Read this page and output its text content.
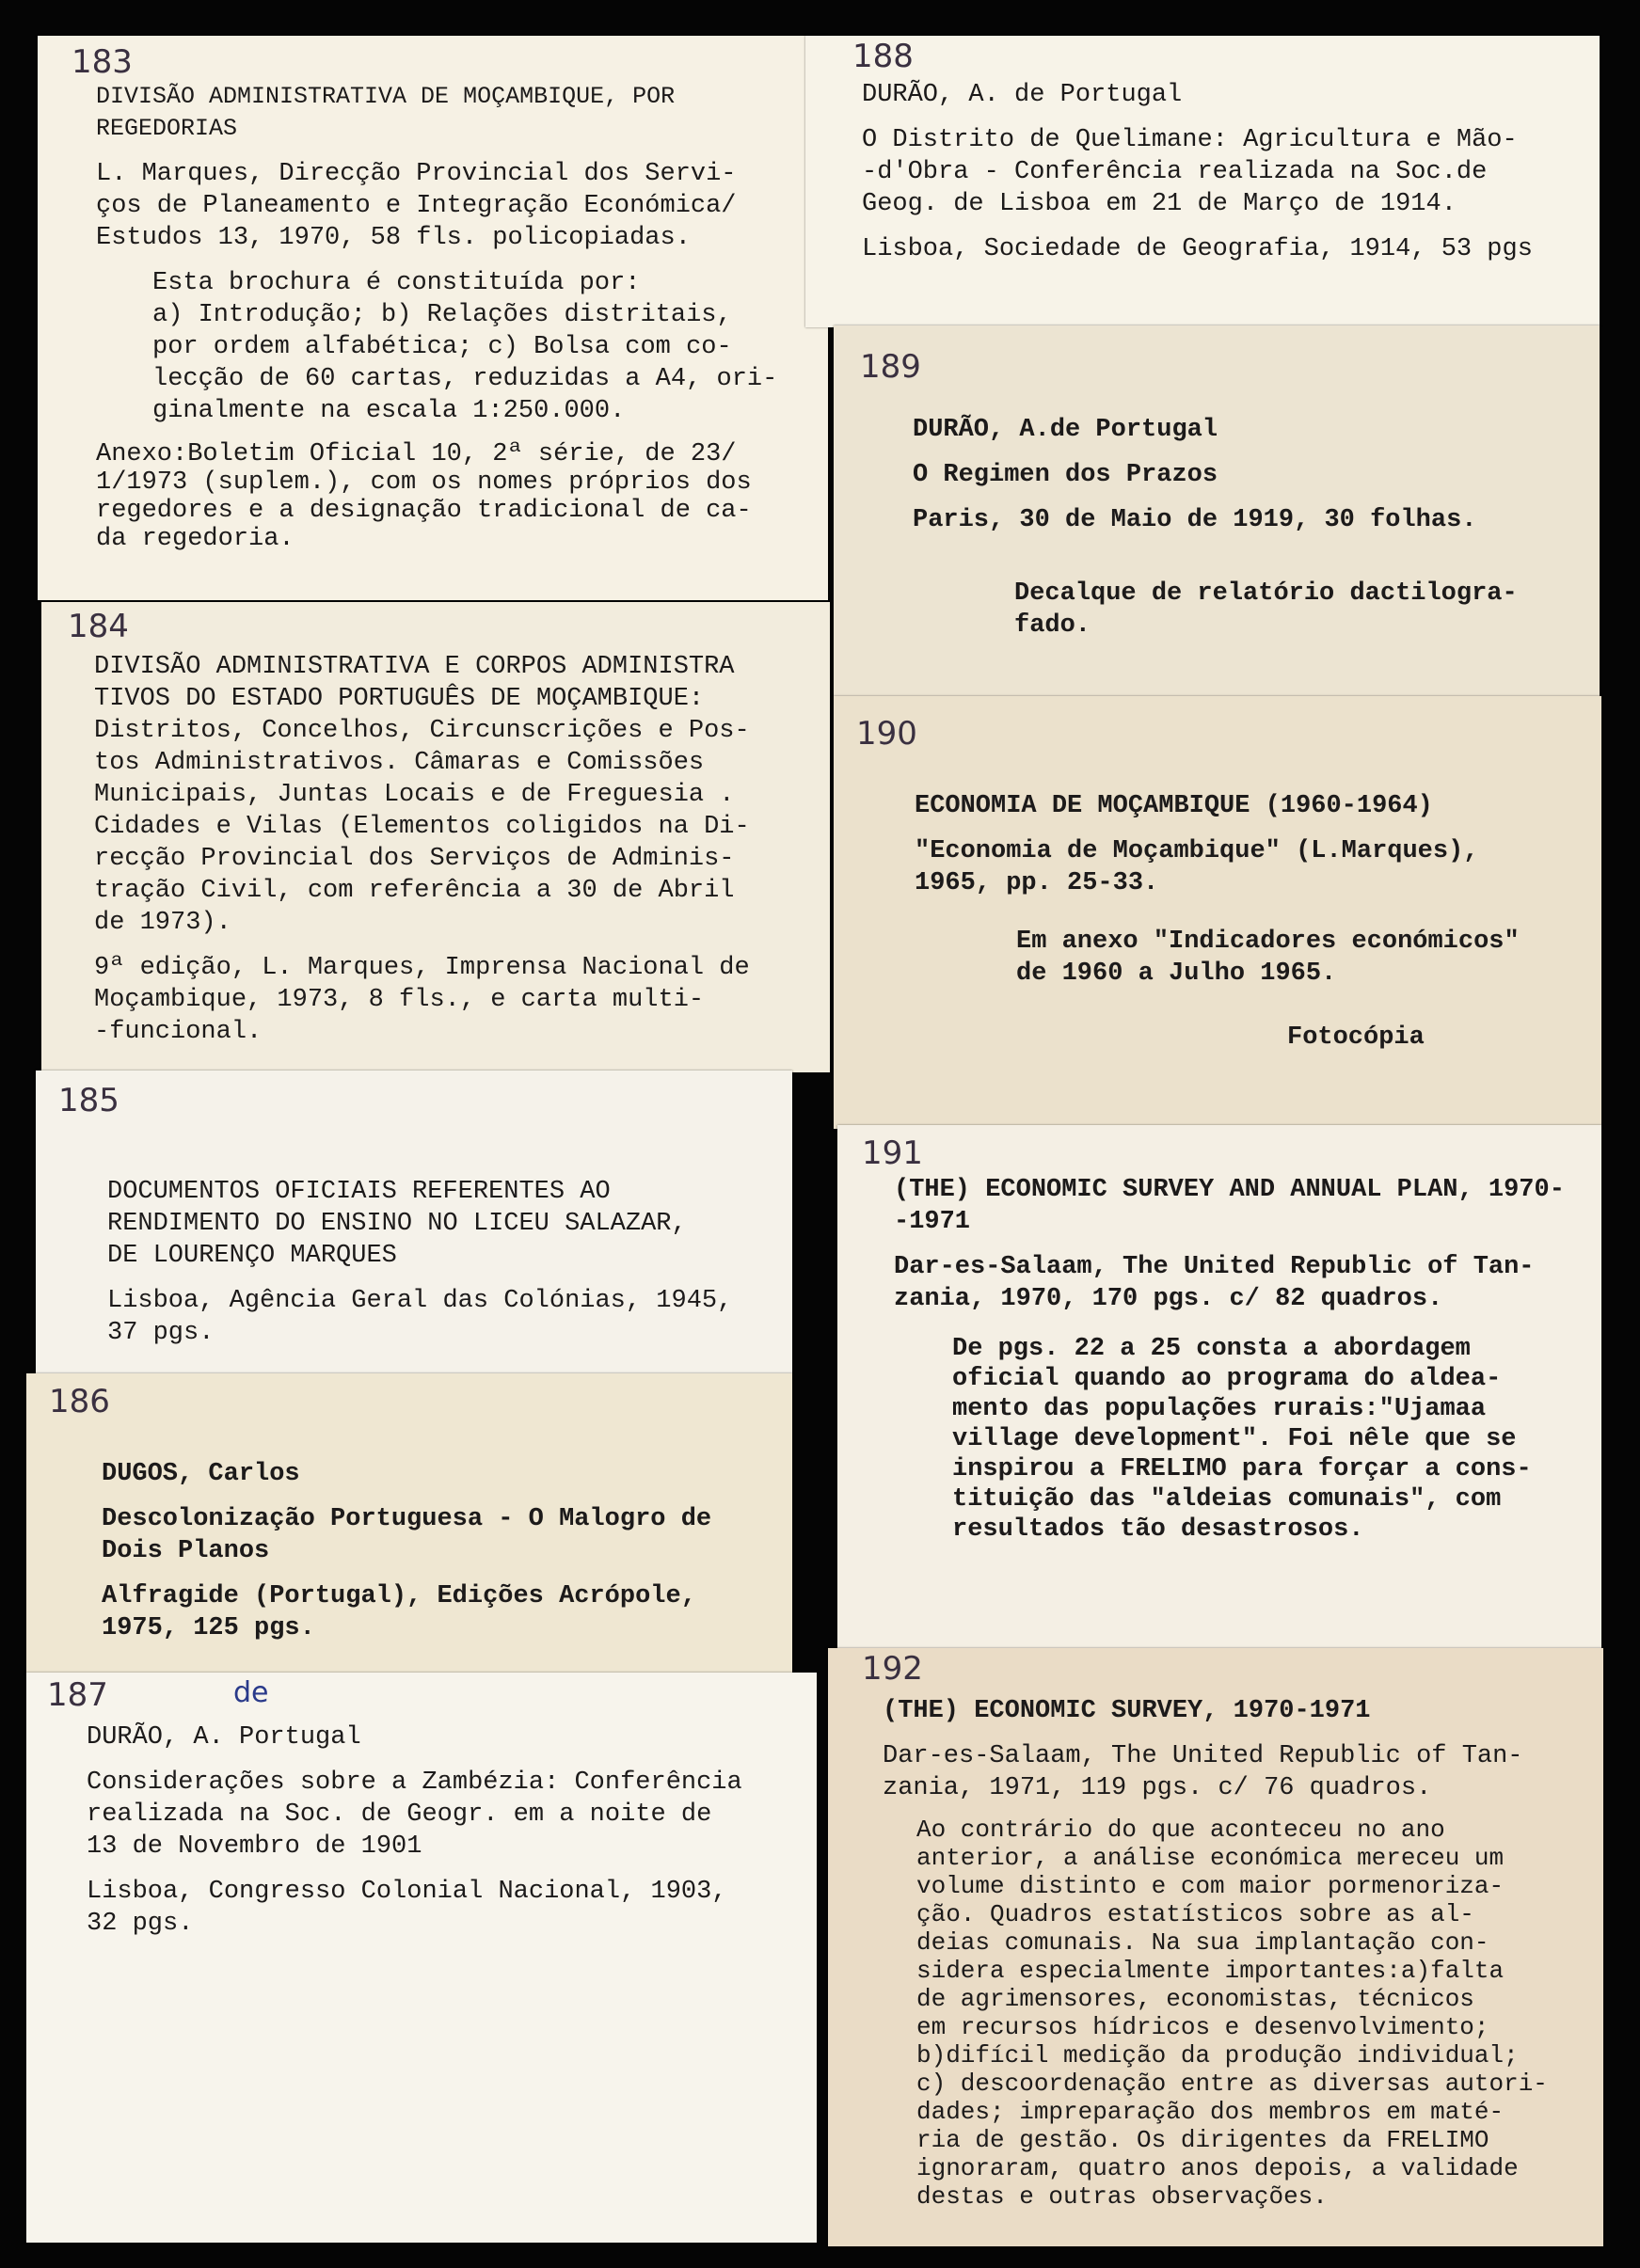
183

DIVISÃO ADMINISTRATIVA DE MOÇAMBIQUE, POR
REGEDORIAS

L. Marques, Direcção Provincial dos Servi-
ços de Planeamento e Integração Económica/
Estudos 13, 1970, 58 fls. policopiadas.

Esta brochura é constituída por:
a) Introdução; b) Relações distritais,
por ordem alfabética; c) Bolsa com co-
lecção de 60 cartas, reduzidas a A4, ori-
ginalmente na escala 1:250.000.

Anexo:Boletim Oficial 10, 2ª série, de 23/
1/1973 (suplem.), com os nomes próprios dos
regedores e a designação tradicional de ca-
da regedoria.

184

DIVISÃO ADMINISTRATIVA E CORPOS ADMINISTRA
TIVOS DO ESTADO PORTUGUÊS DE MOÇAMBIQUE:
Distritos, Concelhos, Circunscrições e Pos-
tos Administrativos. Câmaras e Comissões
Municipais, Juntas Locais e de Freguesia .
Cidades e Vilas (Elementos coligidos na Di-
recção Provincial dos Serviços de Adminis-
tração Civil, com referência a 30 de Abril
de 1973).

9ª edição, L. Marques, Imprensa Nacional de
Moçambique, 1973, 8 fls., e carta multi-
-funcional.

185

DOCUMENTOS OFICIAIS REFERENTES AO
RENDIMENTO DO ENSINO NO LICEU SALAZAR,
DE LOURENÇO MARQUES

Lisboa, Agência Geral das Colónias, 1945,
37 pgs.

186

DUGOS, Carlos

Descolonização Portuguesa - O Malogro de
Dois Planos

Alfragide (Portugal), Edições Acrópole,
1975, 125 pgs.

187	de

DURÃO, A. Portugal

Considerações sobre a Zambézia: Conferência
realizada na Soc. de Geogr. em a noite de
13 de Novembro de 1901

Lisboa, Congresso Colonial Nacional, 1903,
32 pgs.

188

DURÃO, A. de Portugal

O Distrito de Quelimane: Agricultura e Mão-
-d'Obra - Conferência realizada na Soc.de
Geog. de Lisboa em 21 de Março de 1914.

Lisboa, Sociedade de Geografia, 1914, 53 pgs

189

DURÃO, A.de Portugal

O Regimen dos Prazos

Paris, 30 de Maio de 1919, 30 folhas.

Decalque de relatório dactilogra-
fado.

190

ECONOMIA DE MOÇAMBIQUE (1960-1964)

"Economia de Moçambique" (L.Marques),
1965, pp. 25-33.

Em anexo "Indicadores económicos"
de 1960 a Julho 1965.

Fotocópia

191

(THE) ECONOMIC SURVEY AND ANNUAL PLAN, 1970-
-1971

Dar-es-Salaam, The United Republic of Tan-
zania, 1970, 170 pgs. c/ 82 quadros.

De pgs. 22 a 25 consta a abordagem
oficial quando ao programa do aldea-
mento das populações rurais:"Ujamaa
village development". Foi nêle que se
inspirou a FRELIMO para forçar a cons-
tituição das "aldeias comunais", com
resultados tão desastrosos.

192

(THE) ECONOMIC SURVEY, 1970-1971

Dar-es-Salaam, The United Republic of Tan-
zania, 1971, 119 pgs. c/ 76 quadros.

Ao contrário do que aconteceu no ano
anterior, a análise económica mereceu um
volume distinto e com maior pormenoriza-
ção. Quadros estatísticos sobre as al-
deias comunais. Na sua implantação con-
sidera especialmente importantes:a)falta
de agrimensores, economistas, técnicos
em recursos hídricos e desenvolvimento;
b)difícil medição da produção individual;
c) descoordenação entre as diversas autori-
dades; impreparação dos membros em maté-
ria de gestão. Os dirigentes da FRELIMO
ignoraram, quatro anos depois, a validade
destas e outras observações.
